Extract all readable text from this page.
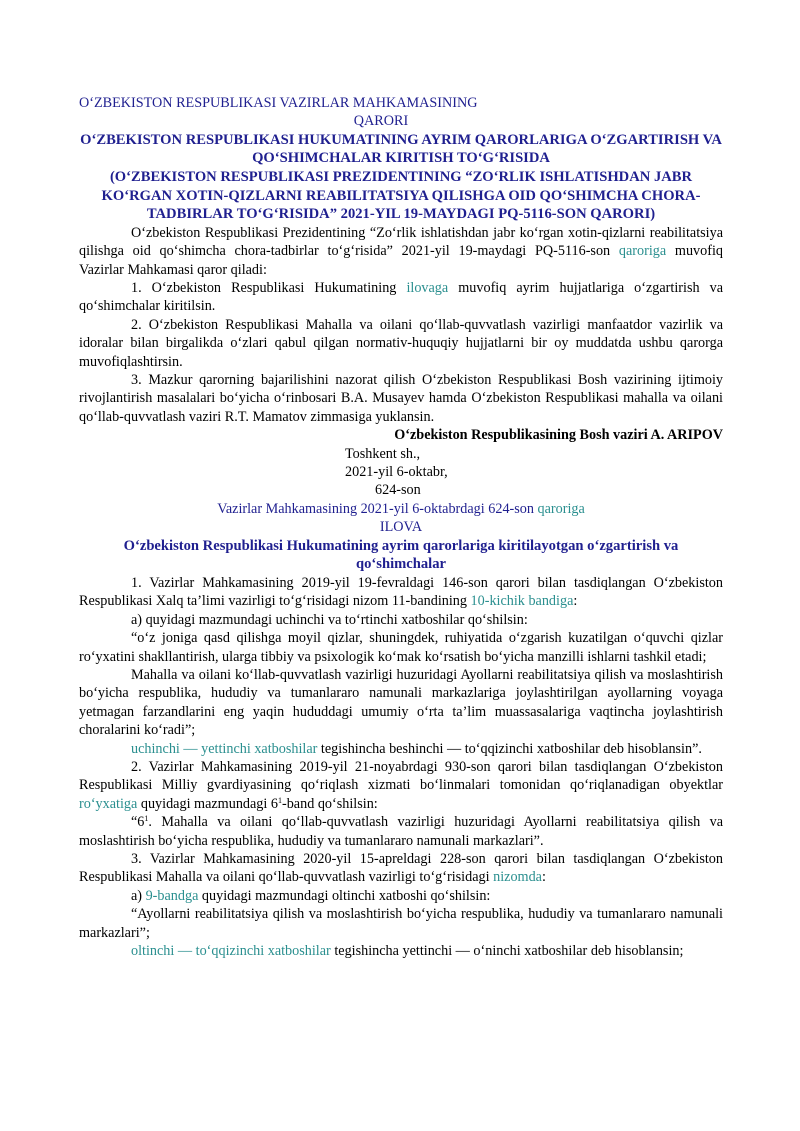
O‘ZBEKISTON RESPUBLIKASI VAZIRLAR MAHKAMASINING
QARORI
O‘ZBEKISTON RESPUBLIKASI HUKUMATINING AYRIM QARORLARIGA O‘ZGARTIRISH VA QO‘SHIMCHALAR KIRITISH TO‘G‘RISIDA
(O‘ZBEKISTON RESPUBLIKASI PREZIDENTINING “ZO‘RLIK ISHLATISHDAN JABR KO‘RGAN XOTIN-QIZLARNI REABILITATSIYA QILISHGA OID QO‘SHIMCHA CHORA-TADBIRLAR TO‘G‘RISIDA” 2021-YIL 19-MAYDAGI PQ-5116-SON QARORI)

O‘zbekiston Respublikasi Prezidentining “Zo‘rlik ishlatishdan jabr ko‘rgan xotin-qizlarni reabilitatsiya qilishga oid qo‘shimcha chora-tadbirlar to‘g‘risida” 2021-yil 19-maydagi PQ-5116-son qaroriga muvofiq Vazirlar Mahkamasi qaror qiladi:

1. O‘zbekiston Respublikasi Hukumatining ilovaga muvofiq ayrim hujjatlariga o‘zgartirish va qo‘shimchalar kiritilsin.

2. O‘zbekiston Respublikasi Mahalla va oilani qo‘llab-quvvatlash vazirligi manfaatdor vazirlik va idoralar bilan birgalikda o‘zlari qabul qilgan normativ-huquqiy hujjatlarni bir oy muddatda ushbu qarorga muvofiqlashtirsin.

3. Mazkur qarorning bajarilishini nazorat qilish O‘zbekiston Respublikasi Bosh vazirining ijtimoiy rivojlantirish masalalari bo‘yicha o‘rinbosari B.A. Musayev hamda O‘zbekiston Respublikasi mahalla va oilani qo‘llab-quvvatlash vaziri R.T. Mamatov zimmasiga yuklansin.

O‘zbekiston Respublikasining Bosh vaziri A. ARIPOV

Toshkent sh.,

2021-yil 6-oktabr,

624-son

Vazirlar Mahkamasining 2021-yil 6-oktabrdagi 624-son qaroriga
ILOVA
O‘zbekiston Respublikasi Hukumatining ayrim qarorlariga kiritilayotgan o‘zgartirish va qo‘shimchalar

1. Vazirlar Mahkamasining 2019-yil 19-fevraldagi 146-son qarori bilan tasdiqlangan O‘zbekiston Respublikasi Xalq ta’limi vazirligi to‘g‘risidagi nizom 11-bandining 10-kichik bandiga:

a) quyidagi mazmundagi uchinchi va to‘rtinchi xatboshilar qo‘shilsin:

“o‘z joniga qasd qilishga moyil qizlar, shuningdek, ruhiyatida o‘zgarish kuzatilgan o‘quvchi qizlar ro‘yxatini shakllantirish, ularga tibbiy va psixologik ko‘mak ko‘rsatish bo‘yicha manzilli ishlarni tashkil etadi;

Mahalla va oilani ko‘llab-quvvatlash vazirligi huzuridagi Ayollarni reabilitatsiya qilish va moslashtirish bo‘yicha respublika, hududiy va tumanlararo namunali markazlariga joylashtirilgan ayollarning voyaga yetmagan farzandlarini eng yaqin hududdagi umumiy o‘rta ta’lim muassasalariga vaqtincha joylashtirish choralarini ko‘radi”;

uchinchi — yettinchi xatboshilar tegishincha beshinchi — to‘qqizinchi xatboshilar deb hisoblansin”.

2. Vazirlar Mahkamasining 2019-yil 21-noyabrdagi 930-son qarori bilan tasdiqlangan O‘zbekiston Respublikasi Milliy gvardiyasining qo‘riqlash xizmati bo‘linmalari tomonidan qo‘riqlanadigan obyektlar ro‘yxatiga quyidagi mazmundagi $6^1$-band qo‘shilsin:

“$6^1$. Mahalla va oilani qo‘llab-quvvatlash vazirligi huzuridagi Ayollarni reabilitatsiya qilish va moslashtirish bo‘yicha respublika, hududiy va tumanlararo namunali markazlari”.

3. Vazirlar Mahkamasining 2020-yil 15-apreldagi 228-son qarori bilan tasdiqlangan O‘zbekiston Respublikasi Mahalla va oilani qo‘llab-quvvatlash vazirligi to‘g‘risidagi nizomda:

a) 9-bandga quyidagi mazmundagi oltinchi xatboshi qo‘shilsin:

“Ayollarni reabilitatsiya qilish va moslashtirish bo‘yicha respublika, hududiy va tumanlararo namunali markazlari”;

oltinchi — to‘qqizinchi xatboshilar tegishincha yettinchi — o‘ninchi xatboshilar deb hisoblansin;
